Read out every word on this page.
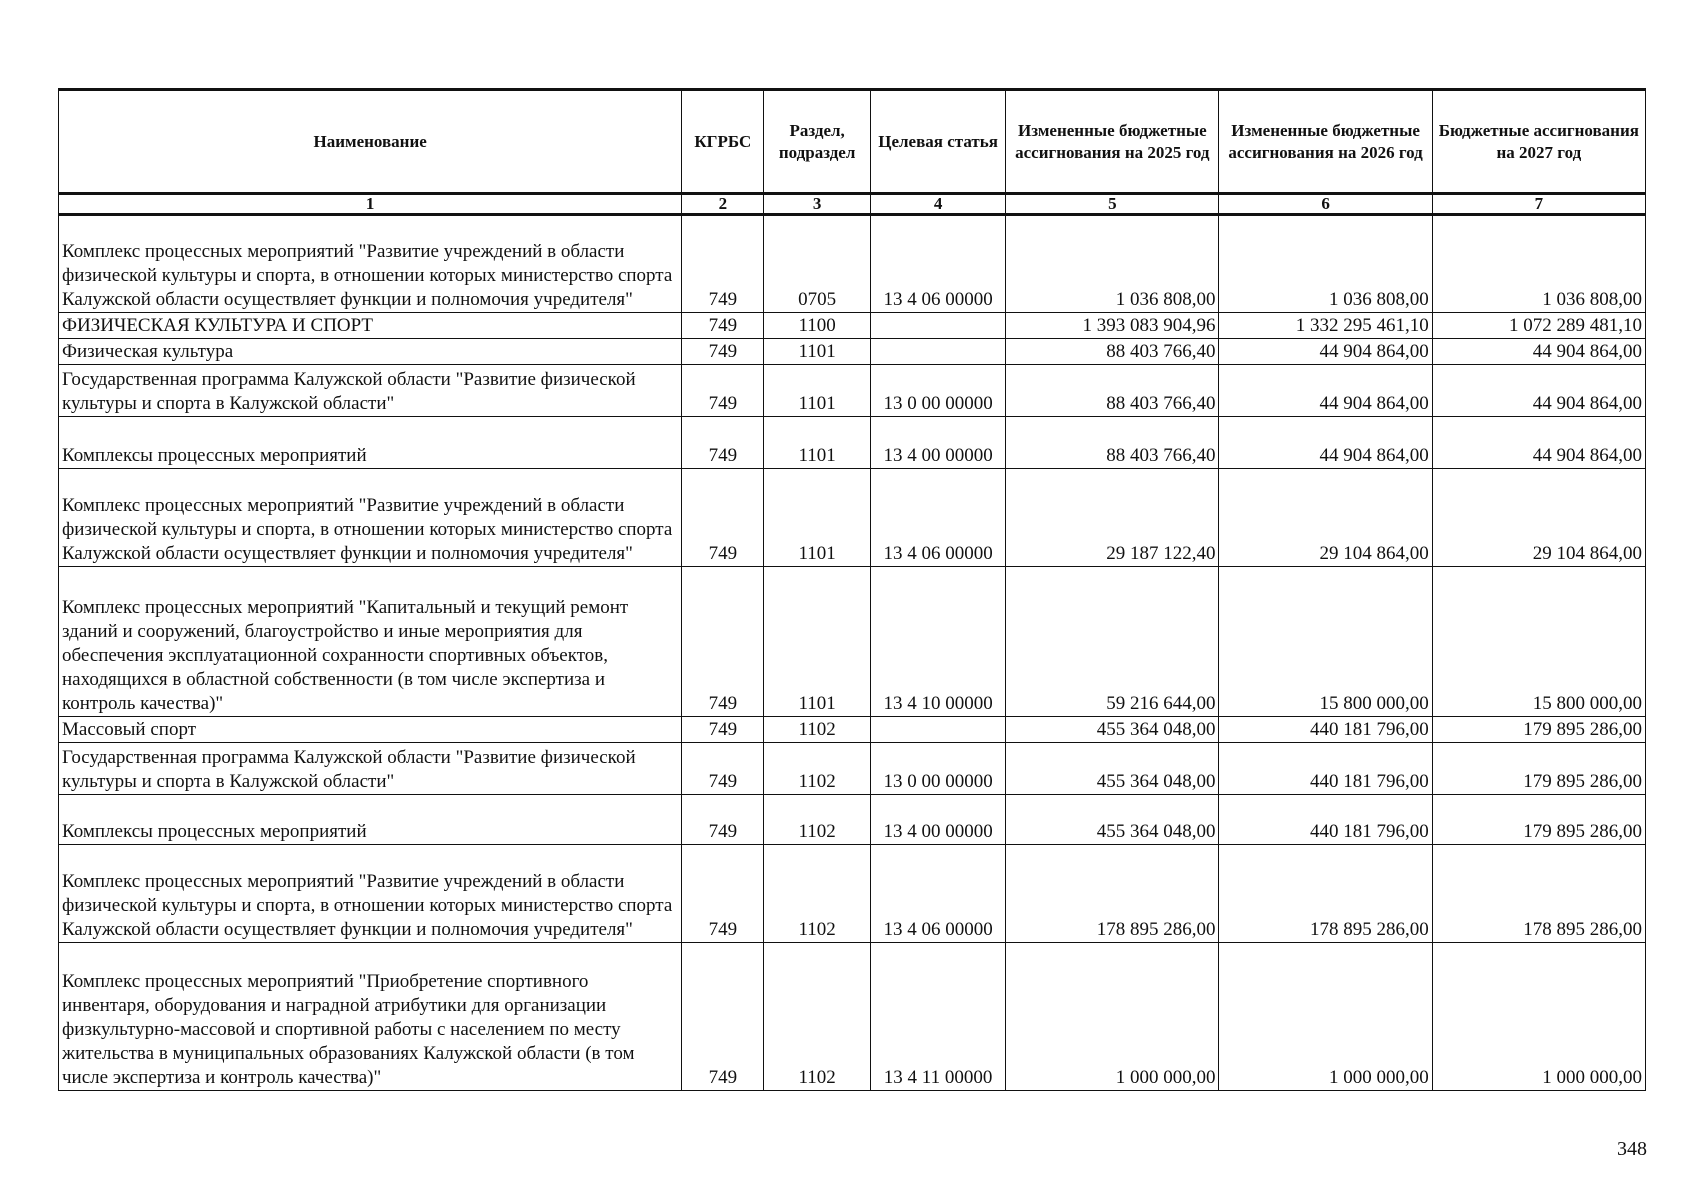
Наименование	КГРБС	Раздел, подраздел	Целевая статья	Измененные бюджетные ассигнования на 2025 год	Измененные бюджетные ассигнования на 2026 год	Бюджетные ассигнования на 2027 год
1	2	3	4	5	6	7
Комплекс процессных мероприятий "Развитие учреждений в области физической культуры и спорта, в отношении которых министерство спорта Калужской области осуществляет функции и полномочия учредителя"	749	0705	13 4 06 00000	1 036 808,00	1 036 808,00	1 036 808,00
ФИЗИЧЕСКАЯ КУЛЬТУРА И СПОРТ	749	1100		1 393 083 904,96	1 332 295 461,10	1 072 289 481,10
Физическая культура	749	1101		88 403 766,40	44 904 864,00	44 904 864,00
Государственная программа Калужской области "Развитие физической культуры и спорта в Калужской области"	749	1101	13 0 00 00000	88 403 766,40	44 904 864,00	44 904 864,00
Комплексы процессных мероприятий	749	1101	13 4 00 00000	88 403 766,40	44 904 864,00	44 904 864,00
Комплекс процессных мероприятий "Развитие учреждений в области физической культуры и спорта, в отношении которых министерство спорта Калужской области осуществляет функции и полномочия учредителя"	749	1101	13 4 06 00000	29 187 122,40	29 104 864,00	29 104 864,00
Комплекс процессных мероприятий "Капитальный и текущий ремонт зданий и сооружений, благоустройство и иные мероприятия для обеспечения эксплуатационной сохранности спортивных объектов, находящихся в областной собственности (в том числе экспертиза и контроль качества)"	749	1101	13 4 10 00000	59 216 644,00	15 800 000,00	15 800 000,00
Массовый спорт	749	1102		455 364 048,00	440 181 796,00	179 895 286,00
Государственная программа Калужской области "Развитие физической культуры и спорта в Калужской области"	749	1102	13 0 00 00000	455 364 048,00	440 181 796,00	179 895 286,00
Комплексы процессных мероприятий	749	1102	13 4 00 00000	455 364 048,00	440 181 796,00	179 895 286,00
Комплекс процессных мероприятий "Развитие учреждений в области физической культуры и спорта, в отношении которых министерство спорта Калужской области осуществляет функции и полномочия учредителя"	749	1102	13 4 06 00000	178 895 286,00	178 895 286,00	178 895 286,00
Комплекс процессных мероприятий "Приобретение спортивного инвентаря, оборудования и наградной атрибутики для организации физкультурно-массовой и спортивной работы с населением по месту жительства в муниципальных образованиях Калужской области (в том числе экспертиза и контроль качества)"	749	1102	13 4 11 00000	1 000 000,00	1 000 000,00	1 000 000,00
348
